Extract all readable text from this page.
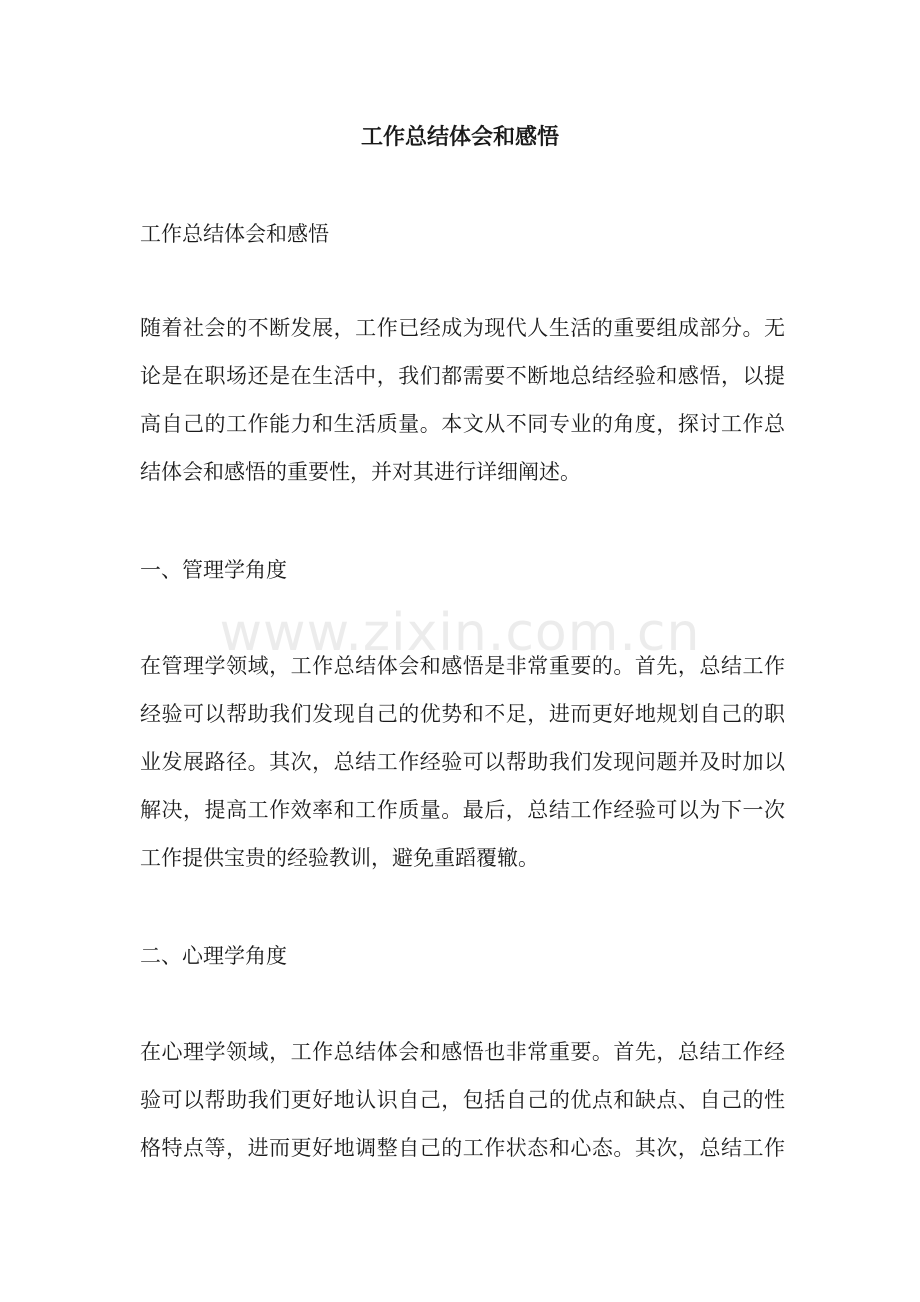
工作总结体会和感悟

工作总结体会和感悟

随着社会的不断发展，工作已经成为现代人生活的重要组成部分。无

论是在职场还是在生活中，我们都需要不断地总结经验和感悟，以提

高自己的工作能力和生活质量。本文从不同专业的角度，探讨工作总

结体会和感悟的重要性，并对其进行详细阐述。

一、管理学角度

www.zixin.com.cn

在管理学领域，工作总结体会和感悟是非常重要的。首先，总结工作

经验可以帮助我们发现自己的优势和不足，进而更好地规划自己的职

业发展路径。其次，总结工作经验可以帮助我们发现问题并及时加以

解决，提高工作效率和工作质量。最后，总结工作经验可以为下一次

工作提供宝贵的经验教训，避免重蹈覆辙。

二、心理学角度

在心理学领域，工作总结体会和感悟也非常重要。首先，总结工作经

验可以帮助我们更好地认识自己，包括自己的优点和缺点、自己的性

格特点等，进而更好地调整自己的工作状态和心态。其次，总结工作
